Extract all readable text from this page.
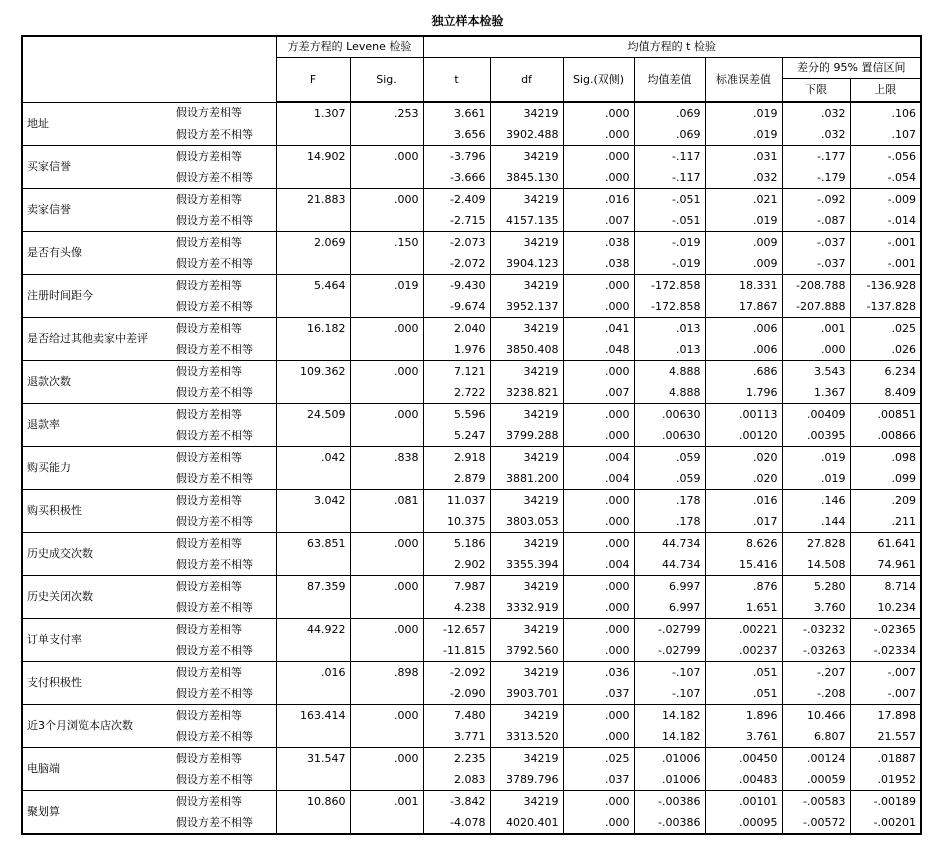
独立样本检验
		方差方程的 Levene 检验		均值方程的 t 检验						
		F	Sig.	t	df	Sig.(双侧)	均值差值	标准误差值	差分的 95% 置信区间	
									下限	上限
地址	假设方差相等	1.307	.253	3.661	34219	.000	.069	.019	.032	.106
	假设方差不相等			3.656	3902.488	.000	.069	.019	.032	.107
买家信誉	假设方差相等	14.902	.000	-3.796	34219	.000	-.117	.031	-.177	-.056
	假设方差不相等			-3.666	3845.130	.000	-.117	.032	-.179	-.054
卖家信誉	假设方差相等	21.883	.000	-2.409	34219	.016	-.051	.021	-.092	-.009
	假设方差不相等			-2.715	4157.135	.007	-.051	.019	-.087	-.014
是否有头像	假设方差相等	2.069	.150	-2.073	34219	.038	-.019	.009	-.037	-.001
	假设方差不相等			-2.072	3904.123	.038	-.019	.009	-.037	-.001
注册时间距今	假设方差相等	5.464	.019	-9.430	34219	.000	-172.858	18.331	-208.788	-136.928
	假设方差不相等			-9.674	3952.137	.000	-172.858	17.867	-207.888	-137.828
是否给过其他卖家中差评	假设方差相等	16.182	.000	2.040	34219	.041	.013	.006	.001	.025
	假设方差不相等			1.976	3850.408	.048	.013	.006	.000	.026
退款次数	假设方差相等	109.362	.000	7.121	34219	.000	4.888	.686	3.543	6.234
	假设方差不相等			2.722	3238.821	.007	4.888	1.796	1.367	8.409
退款率	假设方差相等	24.509	.000	5.596	34219	.000	.00630	.00113	.00409	.00851
	假设方差不相等			5.247	3799.288	.000	.00630	.00120	.00395	.00866
购买能力	假设方差相等	.042	.838	2.918	34219	.004	.059	.020	.019	.098
	假设方差不相等			2.879	3881.200	.004	.059	.020	.019	.099
购买积极性	假设方差相等	3.042	.081	11.037	34219	.000	.178	.016	.146	.209
	假设方差不相等			10.375	3803.053	.000	.178	.017	.144	.211
历史成交次数	假设方差相等	63.851	.000	5.186	34219	.000	44.734	8.626	27.828	61.641
	假设方差不相等			2.902	3355.394	.004	44.734	15.416	14.508	74.961
历史关闭次数	假设方差相等	87.359	.000	7.987	34219	.000	6.997	.876	5.280	8.714
	假设方差不相等			4.238	3332.919	.000	6.997	1.651	3.760	10.234
订单支付率	假设方差相等	44.922	.000	-12.657	34219	.000	-.02799	.00221	-.03232	-.02365
	假设方差不相等			-11.815	3792.560	.000	-.02799	.00237	-.03263	-.02334
支付积极性	假设方差相等	.016	.898	-2.092	34219	.036	-.107	.051	-.207	-.007
	假设方差不相等			-2.090	3903.701	.037	-.107	.051	-.208	-.007
近3个月浏览本店次数	假设方差相等	163.414	.000	7.480	34219	.000	14.182	1.896	10.466	17.898
	假设方差不相等			3.771	3313.520	.000	14.182	3.761	6.807	21.557
电脑端	假设方差相等	31.547	.000	2.235	34219	.025	.01006	.00450	.00124	.01887
	假设方差不相等			2.083	3789.796	.037	.01006	.00483	.00059	.01952
聚划算	假设方差相等	10.860	.001	-3.842	34219	.000	-.00386	.00101	-.00583	-.00189
	假设方差不相等			-4.078	4020.401	.000	-.00386	.00095	-.00572	-.00201
